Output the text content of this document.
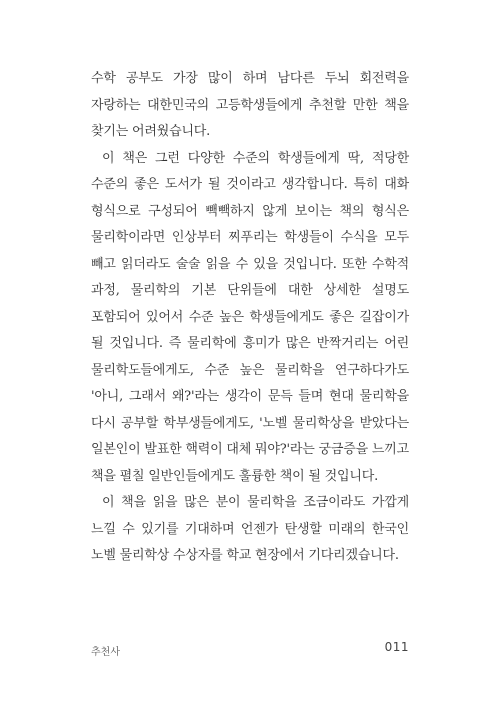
수학 공부도 가장 많이 하며 남다른 두뇌 회전력을 자랑하는 대한민국의 고등학생들에게 추천할 만한 책을 찾기는 어려웠습니다.

이 책은 그런 다양한 수준의 학생들에게 딱, 적당한 수준의 좋은 도서가 될 것이라고 생각합니다. 특히 대화 형식으로 구성되어 빽빽하지 않게 보이는 책의 형식은 물리학이라면 인상부터 찌푸리는 학생들이 수식을 모두 빼고 읽더라도 술술 읽을 수 있을 것입니다. 또한 수학적 과정, 물리학의 기본 단위들에 대한 상세한 설명도 포함되어 있어서 수준 높은 학생들에게도 좋은 길잡이가 될 것입니다. 즉 물리학에 흥미가 많은 반짝거리는 어린 물리학도들에게도, 수준 높은 물리학을 연구하다가도 '아니, 그래서 왜?'라는 생각이 문득 들며 현대 물리학을 다시 공부할 학부생들에게도, '노벨 물리학상을 받았다는 일본인이 발표한 핵력이 대체 뭐야?'라는 궁금증을 느끼고 책을 펼칠 일반인들에게도 훌륭한 책이 될 것입니다.

이 책을 읽을 많은 분이 물리학을 조금이라도 가깝게 느낄 수 있기를 기대하며 언젠가 탄생할 미래의 한국인 노벨 물리학상 수상자를 학교 현장에서 기다리겠습니다.

추천사	011
